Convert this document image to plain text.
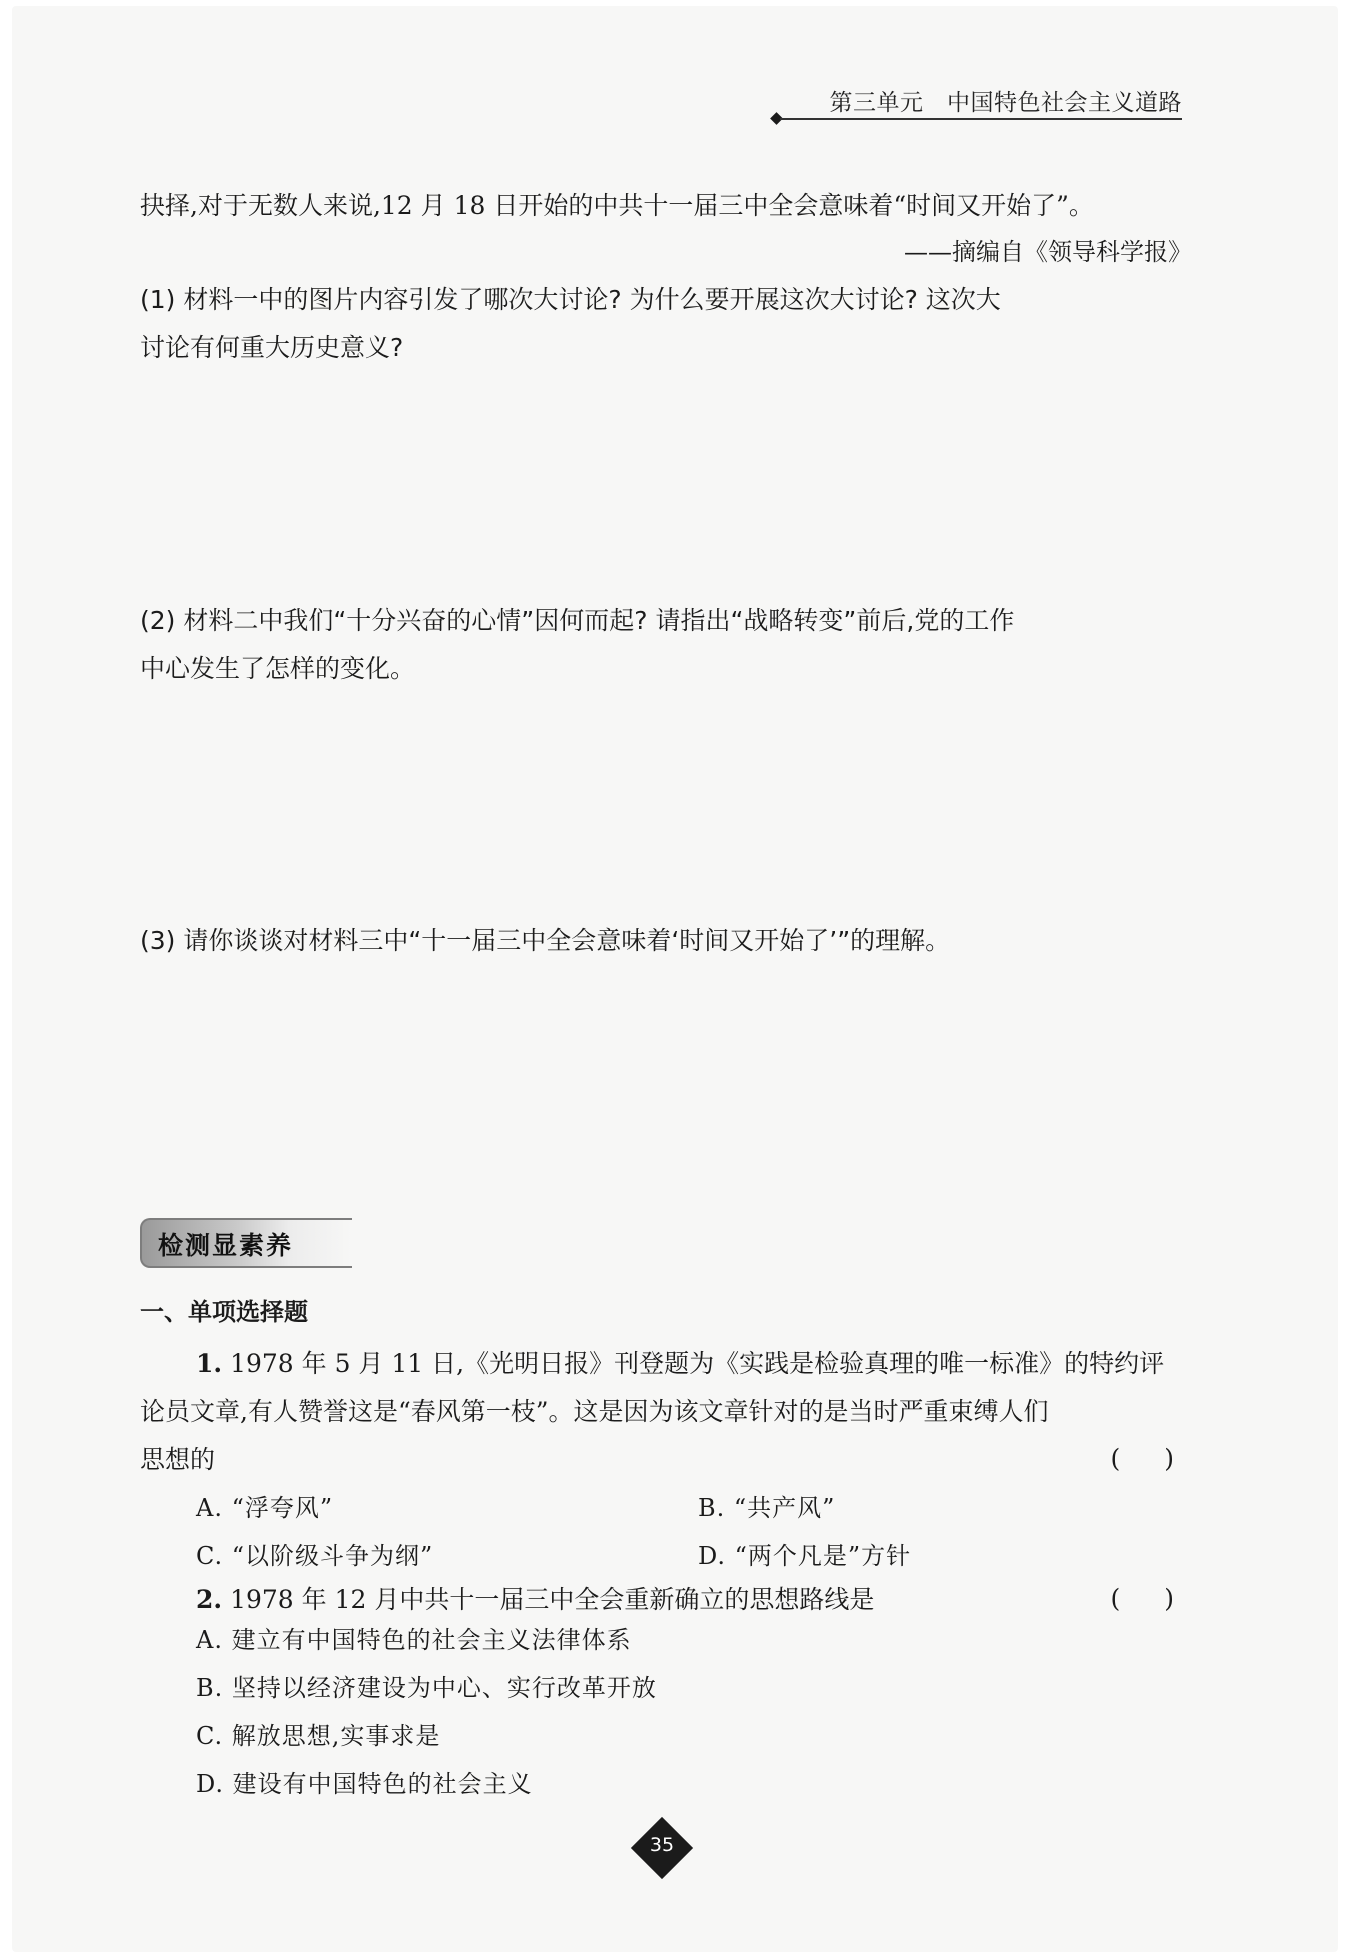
第三单元　中国特色社会主义道路
抉择,对于无数人来说,12 月 18 日开始的中共十一届三中全会意味着“时间又开始了”。
——摘编自《领导科学报》
(1) 材料一中的图片内容引发了哪次大讨论? 为什么要开展这次大讨论? 这次大
讨论有何重大历史意义?
(2) 材料二中我们“十分兴奋的心情”因何而起? 请指出“战略转变”前后,党的工作
中心发生了怎样的变化。
(3) 请你谈谈对材料三中“十一届三中全会意味着‘时间又开始了’”的理解。
检测显素养
一、单项选择题
1. 1978 年 5 月 11 日,《光明日报》刊登题为《实践是检验真理的唯一标准》的特约评
论员文章,有人赞誉这是“春风第一枝”。这是因为该文章针对的是当时严重束缚人们
思想的	( )
A. “浮夸风”	B. “共产风”
C. “以阶级斗争为纲”	D. “两个凡是”方针
2. 1978 年 12 月中共十一届三中全会重新确立的思想路线是	( )
A. 建立有中国特色的社会主义法律体系
B. 坚持以经济建设为中心、实行改革开放
C. 解放思想,实事求是
D. 建设有中国特色的社会主义
35
